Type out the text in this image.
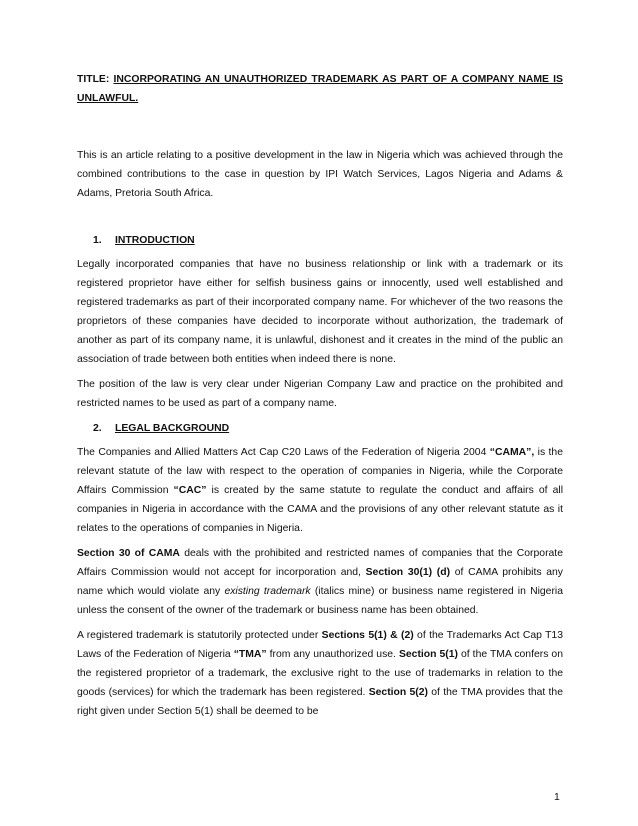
TITLE: INCORPORATING AN UNAUTHORIZED TRADEMARK AS PART OF A COMPANY NAME IS UNLAWFUL.

This is an article relating to a positive development in the law in Nigeria which was achieved through the combined contributions to the case in question by IPI Watch Services, Lagos Nigeria and Adams & Adams, Pretoria South Africa.

1. INTRODUCTION

Legally incorporated companies that have no business relationship or link with a trademark or its registered proprietor have either for selfish business gains or innocently, used well established and registered trademarks as part of their incorporated company name. For whichever of the two reasons the proprietors of these companies have decided to incorporate without authorization, the trademark of another as part of its company name, it is unlawful, dishonest and it creates in the mind of the public an association of trade between both entities when indeed there is none.

The position of the law is very clear under Nigerian Company Law and practice on the prohibited and restricted names to be used as part of a company name.

2. LEGAL BACKGROUND

The Companies and Allied Matters Act Cap C20 Laws of the Federation of Nigeria 2004 “CAMA”, is the relevant statute of the law with respect to the operation of companies in Nigeria, while the Corporate Affairs Commission “CAC” is created by the same statute to regulate the conduct and affairs of all companies in Nigeria in accordance with the CAMA and the provisions of any other relevant statute as it relates to the operations of companies in Nigeria.

Section 30 of CAMA deals with the prohibited and restricted names of companies that the Corporate Affairs Commission would not accept for incorporation and, Section 30(1) (d) of CAMA prohibits any name which would violate any existing trademark (italics mine) or business name registered in Nigeria unless the consent of the owner of the trademark or business name has been obtained.

A registered trademark is statutorily protected under Sections 5(1) & (2) of the Trademarks Act Cap T13 Laws of the Federation of Nigeria “TMA” from any unauthorized use. Section 5(1) of the TMA confers on the registered proprietor of a trademark, the exclusive right to the use of trademarks in relation to the goods (services) for which the trademark has been registered. Section 5(2) of the TMA provides that the right given under Section 5(1) shall be deemed to be

1
